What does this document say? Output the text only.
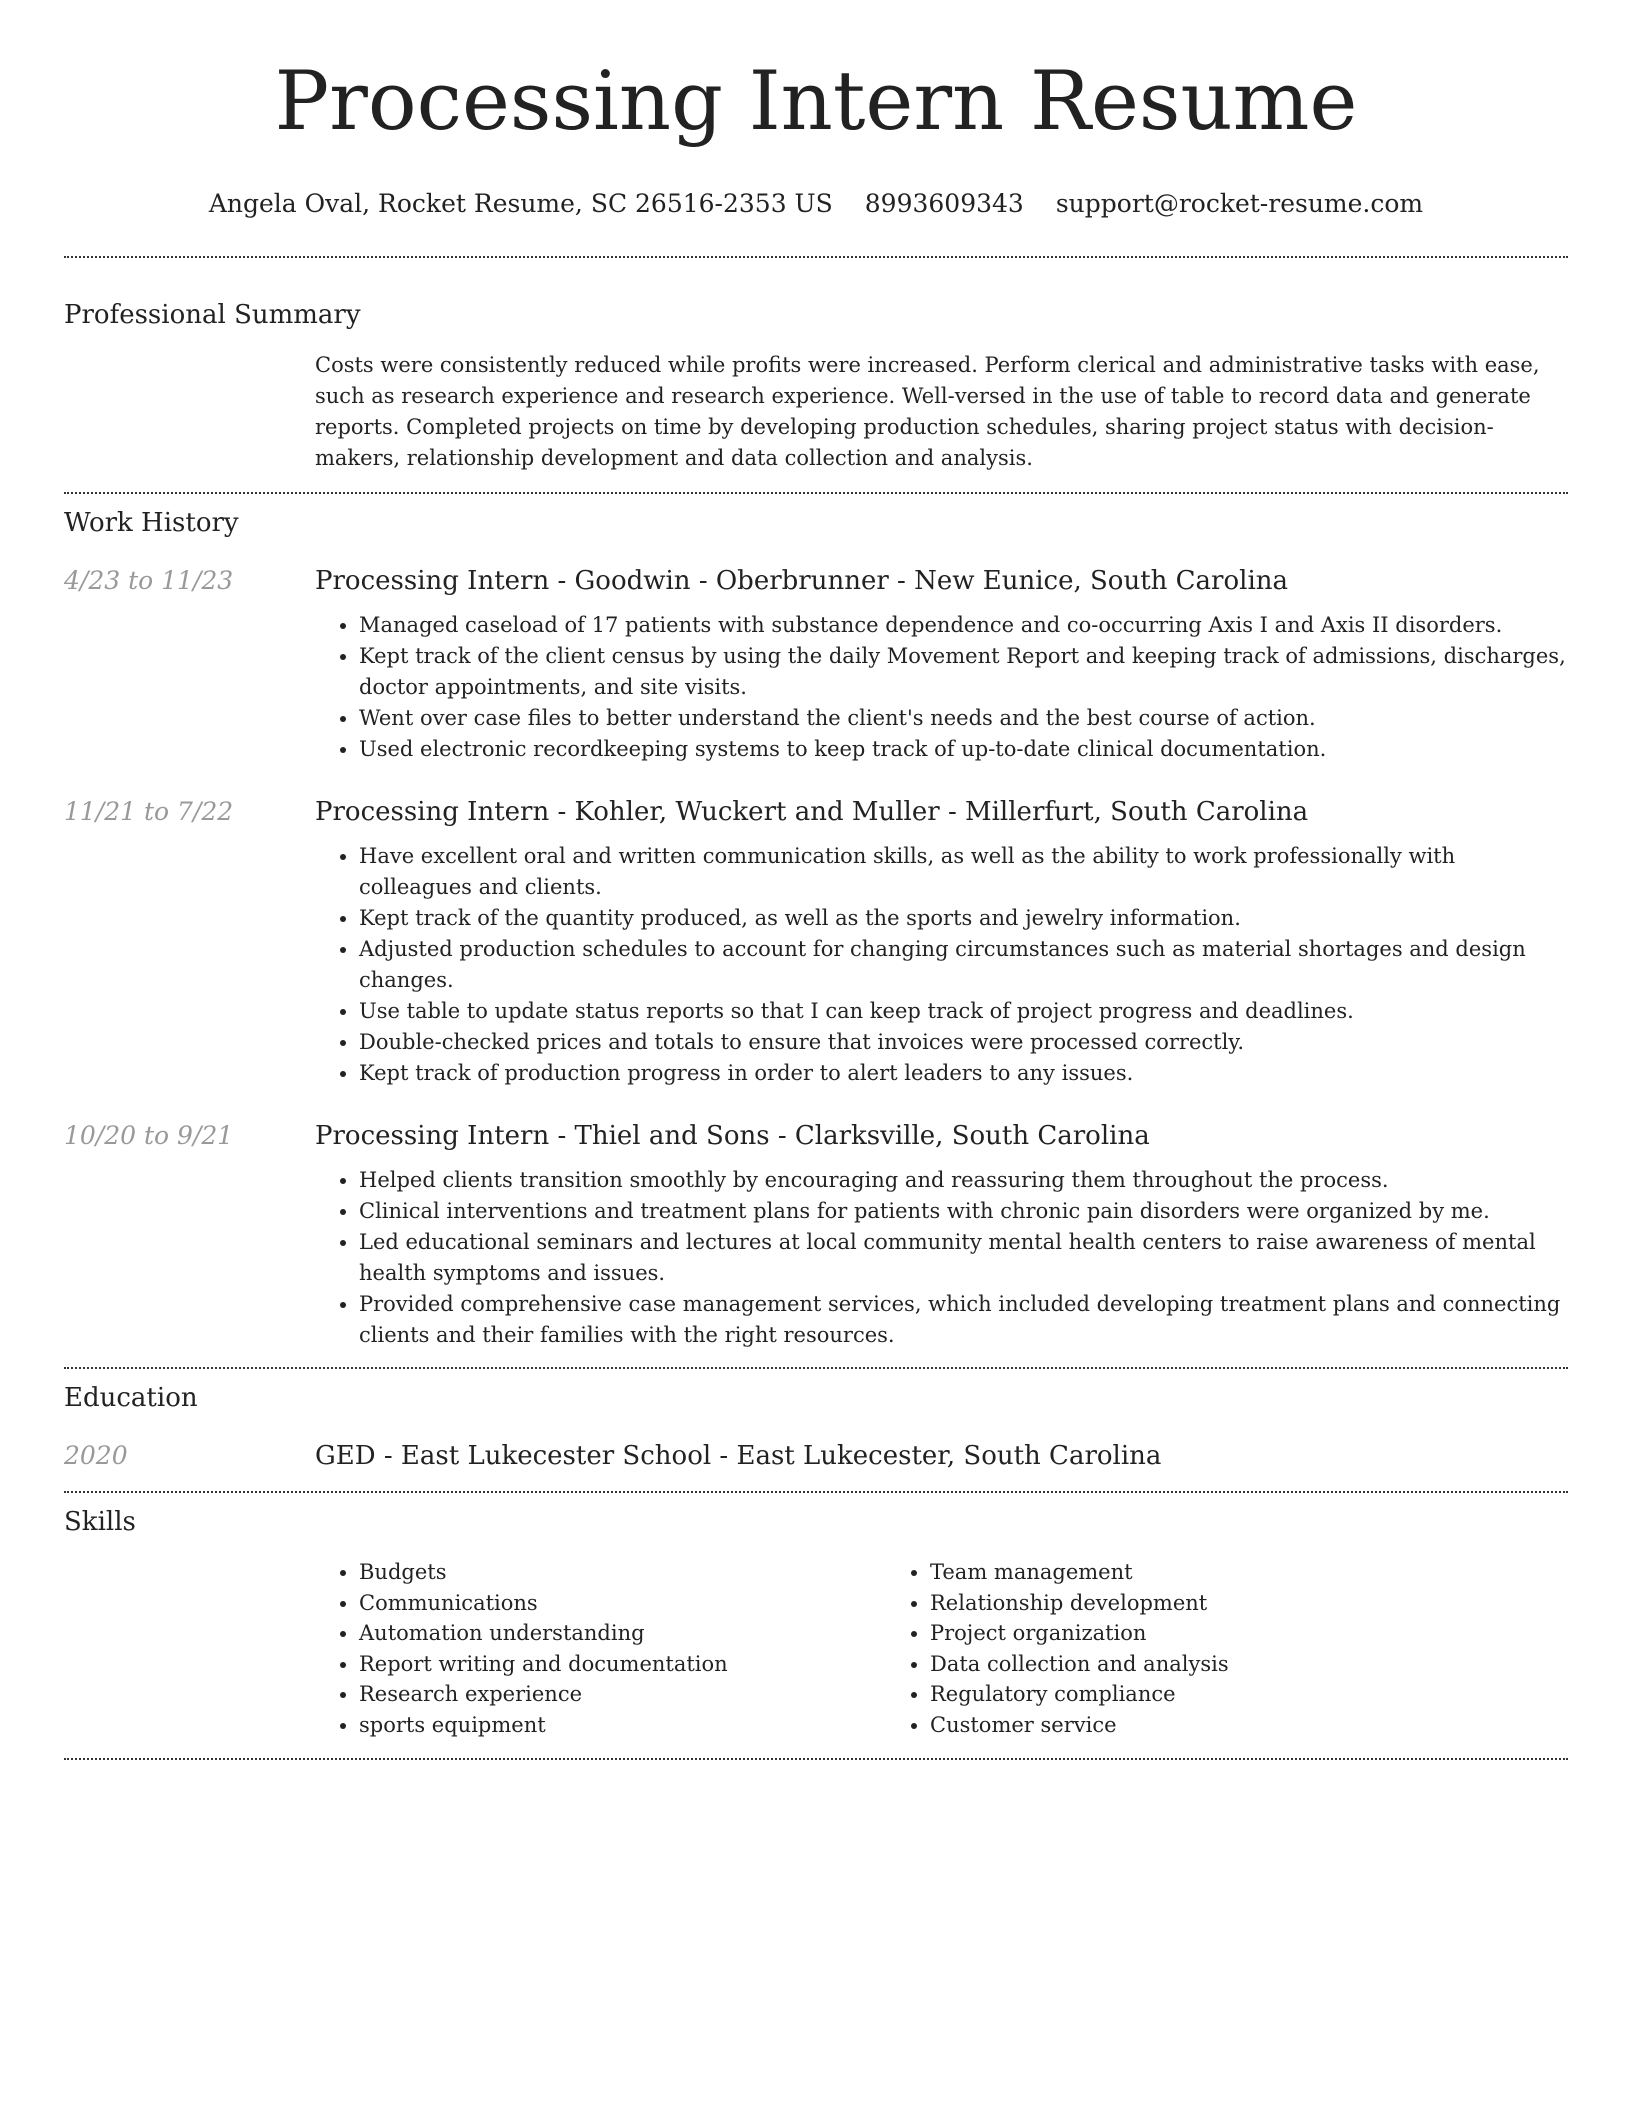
Processing Intern Resume
Angela Oval, Rocket Resume, SC 26516-2353 US 8993609343 support@rocket-resume.com
Professional Summary
Costs were consistently reduced while profits were increased. Perform clerical and administrative tasks with ease, such as research experience and research experience. Well-versed in the use of table to record data and generate reports. Completed projects on time by developing production schedules, sharing project status with decision-makers, relationship development and data collection and analysis.
Work History
4/23 to 11/23	Processing Intern - Goodwin - Oberbrunner - New Eunice, South Carolina
• Managed caseload of 17 patients with substance dependence and co-occurring Axis I and Axis II disorders.
• Kept track of the client census by using the daily Movement Report and keeping track of admissions, discharges, doctor appointments, and site visits.
• Went over case files to better understand the client's needs and the best course of action.
• Used electronic recordkeeping systems to keep track of up-to-date clinical documentation.
11/21 to 7/22	Processing Intern - Kohler, Wuckert and Muller - Millerfurt, South Carolina
• Have excellent oral and written communication skills, as well as the ability to work professionally with colleagues and clients.
• Kept track of the quantity produced, as well as the sports and jewelry information.
• Adjusted production schedules to account for changing circumstances such as material shortages and design changes.
• Use table to update status reports so that I can keep track of project progress and deadlines.
• Double-checked prices and totals to ensure that invoices were processed correctly.
• Kept track of production progress in order to alert leaders to any issues.
10/20 to 9/21	Processing Intern - Thiel and Sons - Clarksville, South Carolina
• Helped clients transition smoothly by encouraging and reassuring them throughout the process.
• Clinical interventions and treatment plans for patients with chronic pain disorders were organized by me.
• Led educational seminars and lectures at local community mental health centers to raise awareness of mental health symptoms and issues.
• Provided comprehensive case management services, which included developing treatment plans and connecting clients and their families with the right resources.
Education
2020	GED - East Lukecester School - East Lukecester, South Carolina
Skills
• Budgets
• Communications
• Automation understanding
• Report writing and documentation
• Research experience
• sports equipment
• Team management
• Relationship development
• Project organization
• Data collection and analysis
• Regulatory compliance
• Customer service
